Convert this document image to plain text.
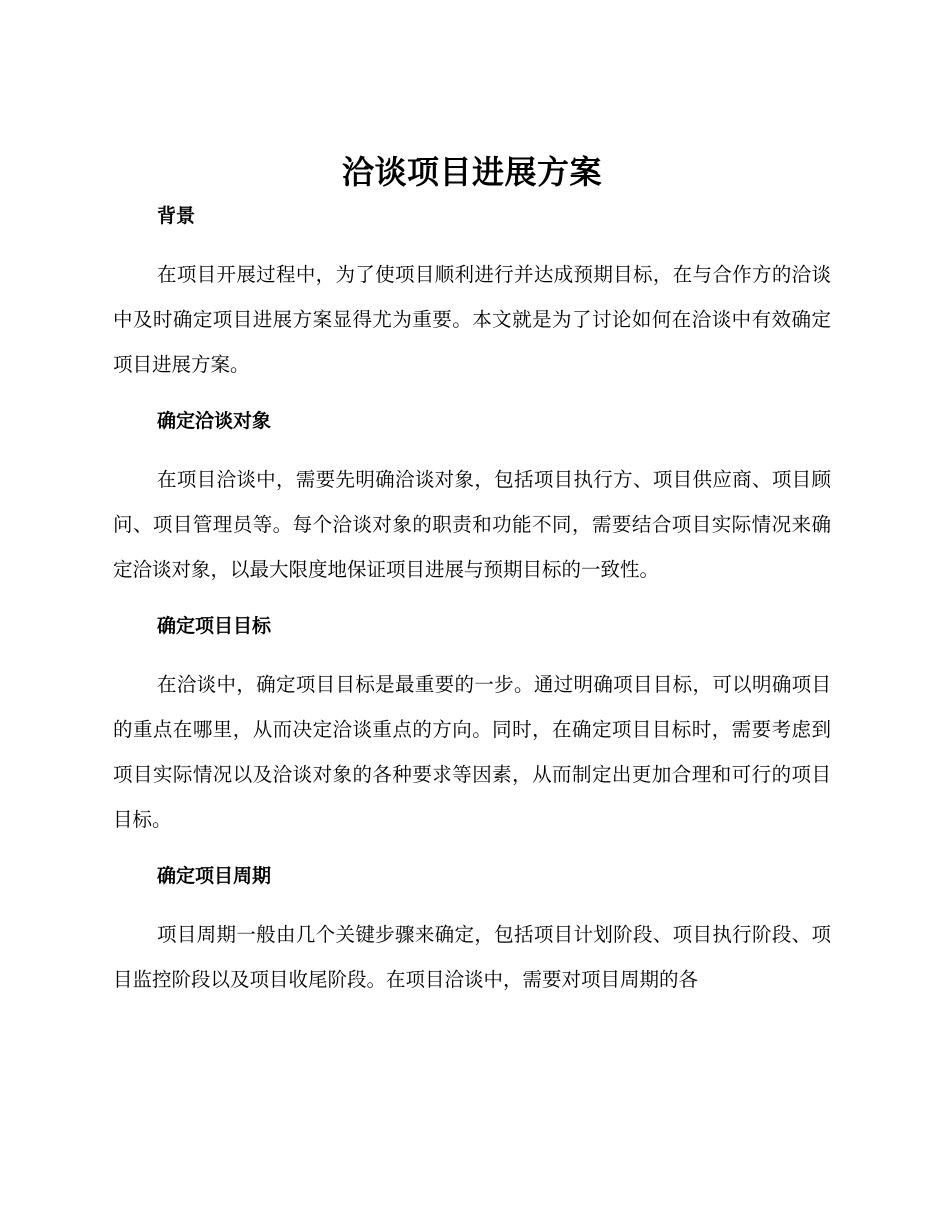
洽谈项目进展方案
背景

在项目开展过程中，为了使项目顺利进行并达成预期目标，在与合作方的洽谈中及时确定项目进展方案显得尤为重要。本文就是为了讨论如何在洽谈中有效确定项目进展方案。

确定洽谈对象

在项目洽谈中，需要先明确洽谈对象，包括项目执行方、项目供应商、项目顾问、项目管理员等。每个洽谈对象的职责和功能不同，需要结合项目实际情况来确定洽谈对象，以最大限度地保证项目进展与预期目标的一致性。

确定项目目标

在洽谈中，确定项目目标是最重要的一步。通过明确项目目标，可以明确项目的重点在哪里，从而决定洽谈重点的方向。同时，在确定项目目标时，需要考虑到项目实际情况以及洽谈对象的各种要求等因素，从而制定出更加合理和可行的项目目标。

确定项目周期

项目周期一般由几个关键步骤来确定，包括项目计划阶段、项目执行阶段、项目监控阶段以及项目收尾阶段。在项目洽谈中，需要对项目周期的各
